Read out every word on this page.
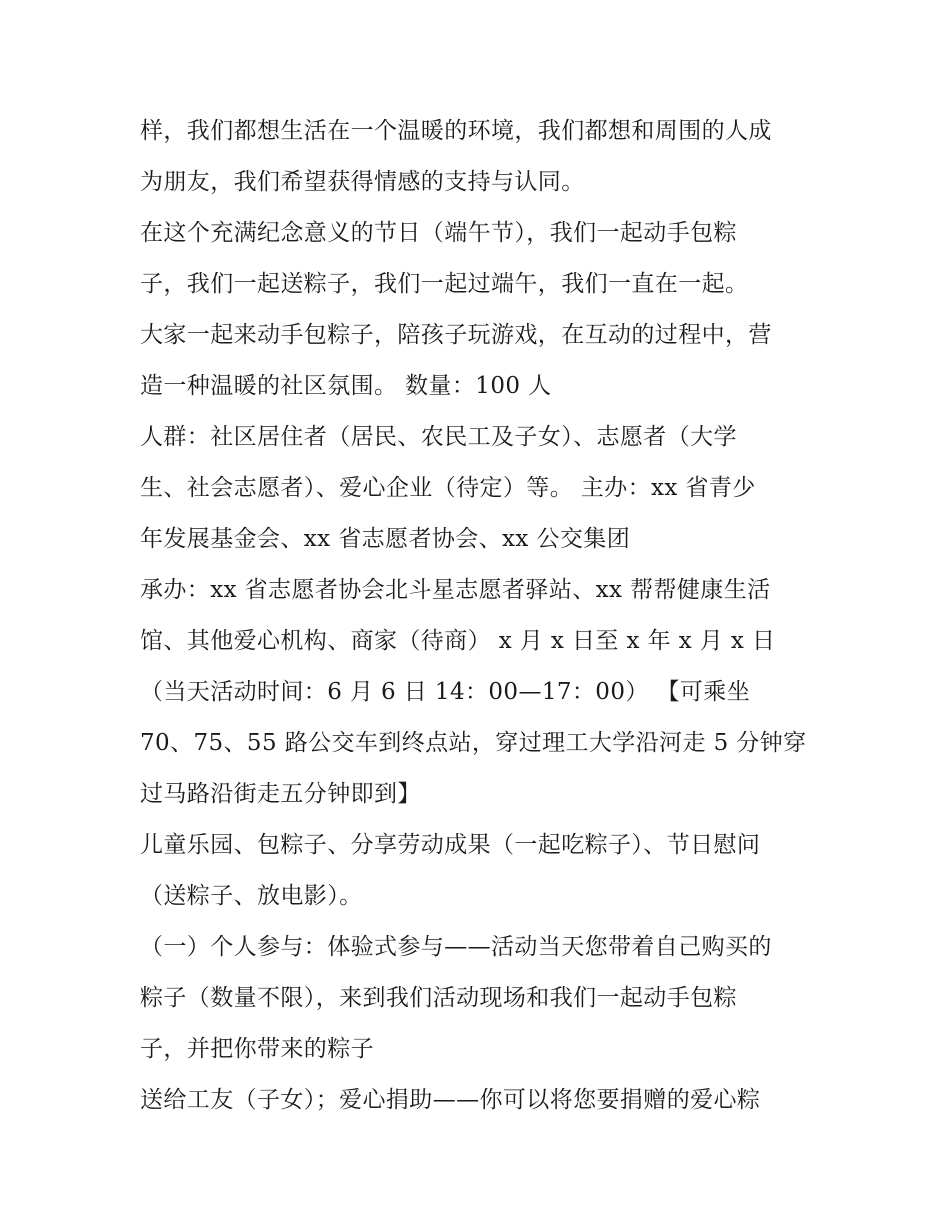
样，我们都想生活在一个温暖的环境，我们都想和周围的人成
为朋友，我们希望获得情感的支持与认同。
在这个充满纪念意义的节日（端午节），我们一起动手包粽
子，我们一起送粽子，我们一起过端午，我们一直在一起。
大家一起来动手包粽子，陪孩子玩游戏，在互动的过程中，营
造一种温暖的社区氛围。 数量：100 人
人群：社区居住者（居民、农民工及子女）、志愿者（大学
生、社会志愿者）、爱心企业（待定）等。 主办：xx 省青少
年发展基金会、xx 省志愿者协会、xx 公交集团
承办：xx 省志愿者协会北斗星志愿者驿站、xx 帮帮健康生活
馆、其他爱心机构、商家（待商） x 月 x 日至 x 年 x 月 x 日
（当天活动时间：6 月 6 日 14：00—17：00） 【可乘坐
70、75、55 路公交车到终点站，穿过理工大学沿河走 5 分钟穿
过马路沿街走五分钟即到】
儿童乐园、包粽子、分享劳动成果（一起吃粽子）、节日慰问
（送粽子、放电影）。
（一）个人参与：体验式参与——活动当天您带着自己购买的
粽子（数量不限），来到我们活动现场和我们一起动手包粽
子，并把你带来的粽子
送给工友（子女）；爱心捐助——你可以将您要捐赠的爱心粽
